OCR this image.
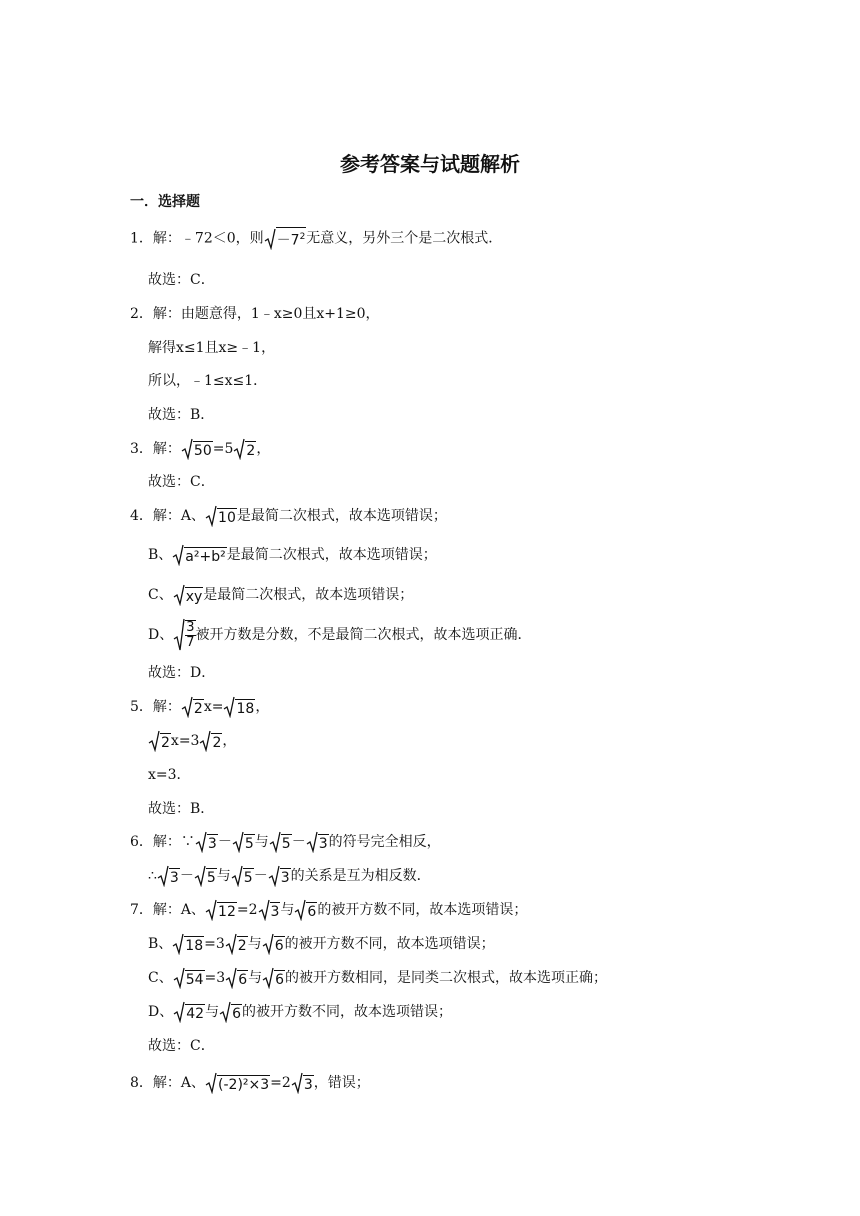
参考答案与试题解析
一．选择题
1．解：﹣72＜0，则 $-7^2$ 无意义，另外三个是二次根式．
故选：C．
2．解：由题意得，1﹣x≥0且x+1≥0，
解得x≤1且x≥﹣1，
所以，﹣1≤x≤1．
故选：B．
3．解： 50 =5 2 ，
故选：C．
4．解：A、 10 是最简二次根式，故本选项错误；
B、 a²+b² 是最简二次根式，故本选项错误；
C、 xy 是最简二次根式，故本选项错误；
D、 $\frac{3}{7}$ 被开方数是分数，不是最简二次根式，故本选项正确．
故选：D．
5．解： 2 x= 18 ，
2 x=3 2 ，
x=3．
故选：B．
6．解：∵ 3 － 5 与 5 － 3 的符号完全相反，
∴ 3 － 5 与 5 － 3 的关系是互为相反数．
7．解：A、 12 =2 3 与 6 的被开方数不同，故本选项错误；
B、 18 =3 2 与 6 的被开方数不同，故本选项错误；
C、 54 =3 6 与 6 的被开方数相同，是同类二次根式，故本选项正确；
D、 42 与 6 的被开方数不同，故本选项错误；
故选：C．
8．解：A、 (-2)²×3 =2 3 ，错误；
